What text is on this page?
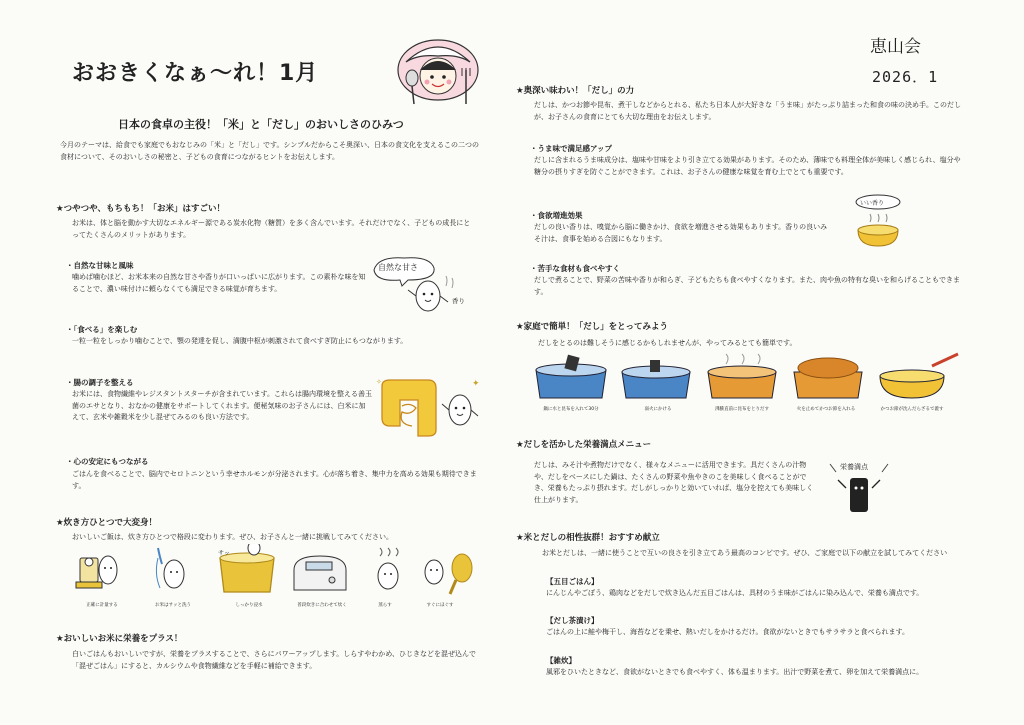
おおきくなぁ～れ！1月
恵山会
2026．1
日本の食卓の主役！「米」と「だし」のおいしさのひみつ
今月のテーマは、給食でも家庭でもおなじみの「米」と「だし」です。シンプルだからこそ奥深い、日本の食文化を支えるこの二つの食材について、そのおいしさの秘密と、子どもの食育につながるヒントをお伝えします。
★つやつや、もちもち！「お米」はすごい！
お米は、体と脳を動かす大切なエネルギー源である炭水化物（糖質）を多く含んでいます。それだけでなく、子どもの成長にとってたくさんのメリットがあります。
・自然な甘味と風味
噛めば噛むほど、お米本来の自然な甘さや香りが口いっぱいに広がります。この素朴な味を知ることで、濃い味付けに頼らなくても満足できる味覚が育ちます。
自然な甘さ
香り
・「食べる」を楽しむ
一粒一粒をしっかり噛むことで、顎の発達を促し、満腹中枢が刺激されて食べすぎ防止にもつながります。
・腸の調子を整える
お米には、食物繊維やレジスタントスターチが含まれています。これらは腸内環境を整える善玉菌のエサとなり、おなかの健康をサポートしてくれます。便秘気味のお子さんには、白米に加えて、玄米や雑穀米を少し混ぜてみるのも良い方法です。
✦
✧
・心の安定にもつながる
ごはんを食べることで、脳内でセロトニンという幸せホルモンが分泌されます。心が落ち着き、集中力を高める効果も期待できます。
★炊き方ひとつで大変身！
おいしいご飯は、炊き方ひとつで格段に変わります。ぜひ、お子さんと一緒に挑戦してみてください。
サッ
正確に計量する	お米はサッと洗う	しっかり浸水	普段炊きに合わせて炊く	蒸らす	すぐにほぐす
★おいしいお米に栄養をプラス！
白いごはんもおいしいですが、栄養をプラスすることで、さらにパワーアップします。しらすやわかめ、ひじきなどを混ぜ込んで「混ぜごはん」にすると、カルシウムや食物繊維などを手軽に補給できます。
★奥深い味わい！「だし」の力
だしは、かつお節や昆布、煮干しなどからとれる、私たち日本人が大好きな「うま味」がたっぷり詰まった和食の味の決め手。このだしが、お子さんの食育にとても大切な理由をお伝えします。
・うま味で満足感アップ
だしに含まれるうま味成分は、塩味や甘味をより引き立てる効果があります。そのため、薄味でも料理全体が美味しく感じられ、塩分や糖分の摂りすぎを防ぐことができます。これは、お子さんの健康な味覚を育む上でとても重要です。
・食欲増進効果
だしの良い香りは、嗅覚から脳に働きかけ、食欲を増進させる効果もあります。香りの良いみそ汁は、食事を始める合図にもなります。
いい香り
・苦手な食材も食べやすく
だしで煮ることで、野菜の苦味や香りが和らぎ、子どもたちも食べやすくなります。また、肉や魚の特有な臭いを和らげることもできます。
★家庭で簡単！「だし」をとってみよう
だしをとるのは難しそうに感じるかもしれませんが、やってみるとても簡単です。
鍋に水と昆布を入れて30分	弱火にかける	沸騰直前に昆布をとりだす	火を止めてかつお節を入れる	かつお節が沈んだらざるで漉す
★だしを活かした栄養満点メニュー
だしは、みそ汁や煮物だけでなく、様々なメニューに活用できます。具だくさんの汁物や、だしをベースにした鍋は、たくさんの野菜や魚やきのこを美味しく食べることができ、栄養もたっぷり摂れます。だしがしっかりと効いていれば、塩分を控えても美味しく仕上がります。
栄養満点
★米とだしの相性抜群！おすすめ献立
お米とだしは、一緒に使うことで互いの良さを引き立てあう最高のコンビです。ぜひ、ご家庭で以下の献立を試してみてください
【五目ごはん】
にんじんやごぼう、鶏肉などをだしで炊き込んだ五目ごはんは、具材のうま味がごはんに染み込んで、栄養も満点です。
【だし茶漬け】
ごはんの上に鮭や梅干し、海苔などを乗せ、熱いだしをかけるだけ。食欲がないときでもサラサラと食べられます。
【雑炊】
風邪をひいたときなど、食欲がないときでも食べやすく、体も温まります。出汁で野菜を煮て、卵を加えて栄養満点に。
